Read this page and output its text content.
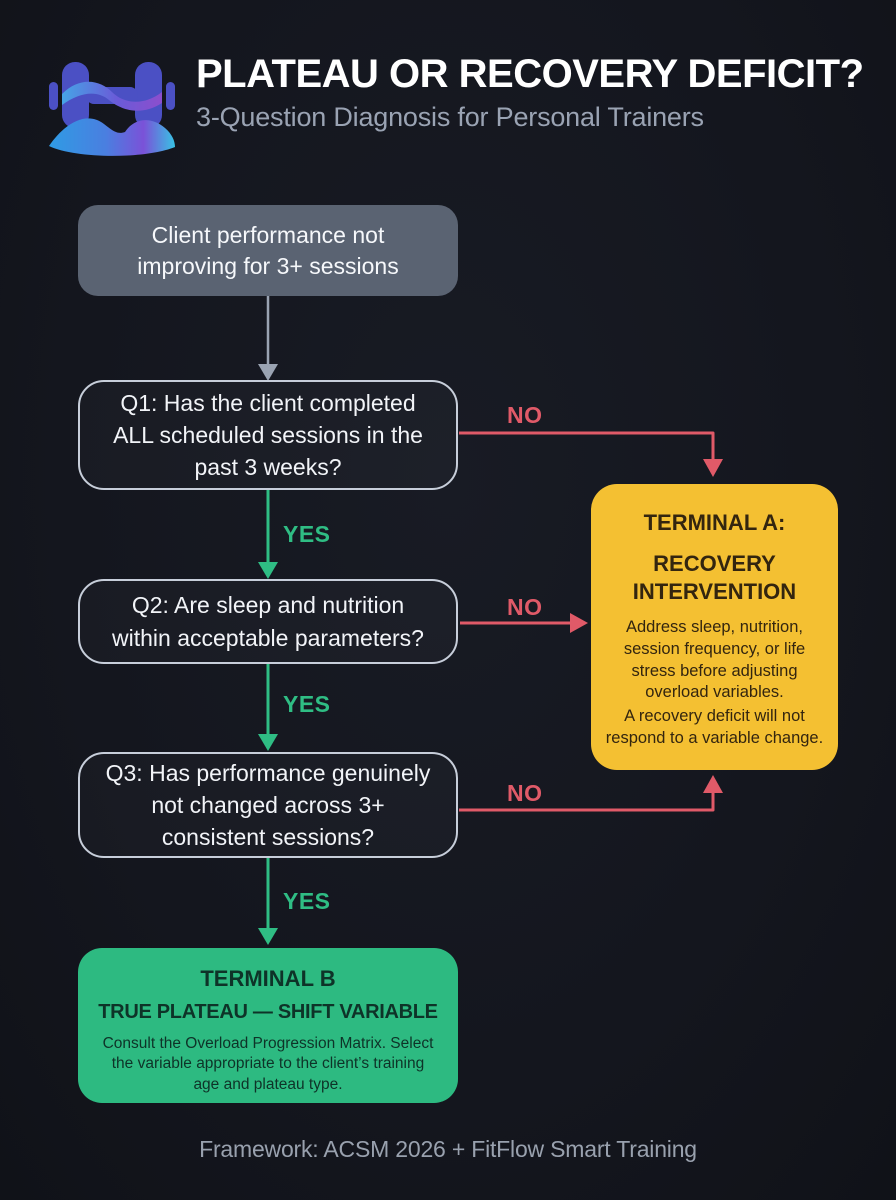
PLATEAU OR RECOVERY DEFICIT?
3-Question Diagnosis for Personal Trainers
Client performance not improving for 3+ sessions
Q1: Has the client completed ALL scheduled sessions in the past 3 weeks?
Q2: Are sleep and nutrition within acceptable parameters?
Q3: Has performance genuinely not changed across 3+ consistent sessions?
YES
YES
YES
NO
NO
NO
TERMINAL A:
RECOVERY INTERVENTION
Address sleep, nutrition, session frequency, or life stress before adjusting overload variables.
A recovery deficit will not respond to a variable change.
TERMINAL B
TRUE PLATEAU — SHIFT VARIABLE
Consult the Overload Progression Matrix. Select the variable appropriate to the client’s training age and plateau type.
Framework: ACSM 2026 + FitFlow Smart Training
